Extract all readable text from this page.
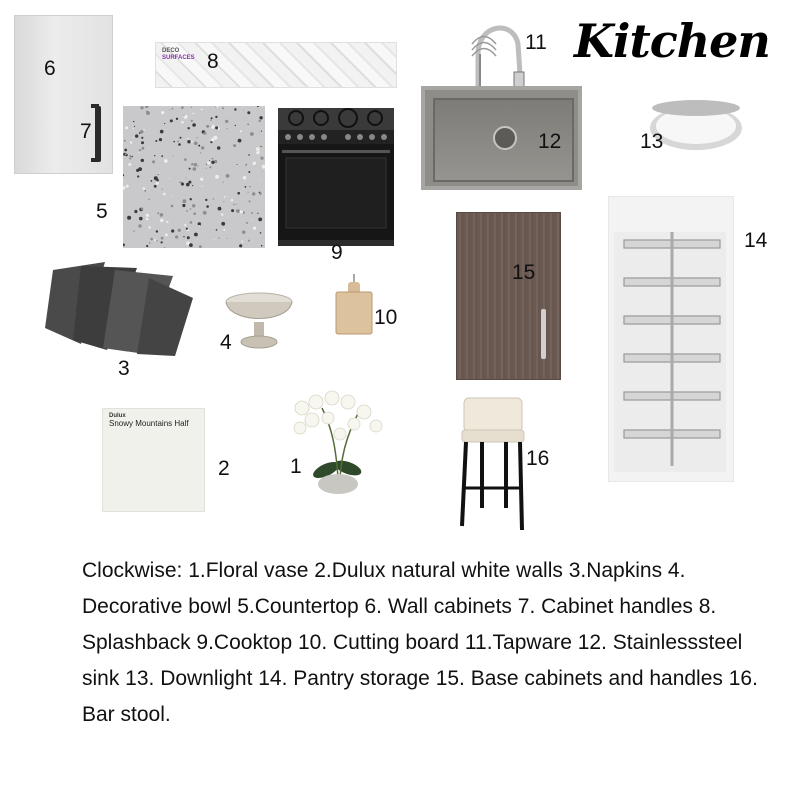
Kitchen
6
7
DECO
SURFACES 8
5
9
11
12	13
3
4
10
15
14
Dulux
Snowy Mountains Half
2	1	16
Clockwise: 1.Floral vase 2.Dulux natural white walls 3.Napkins 4. Decorative bowl 5.Countertop 6. Wall cabinets 7. Cabinet handles 8. Splashback 9.Cooktop 10. Cutting board 11.Tapware 12. Stainlesssteel sink 13. Downlight 14. Pantry storage 15. Base cabinets and handles 16. Bar stool.
